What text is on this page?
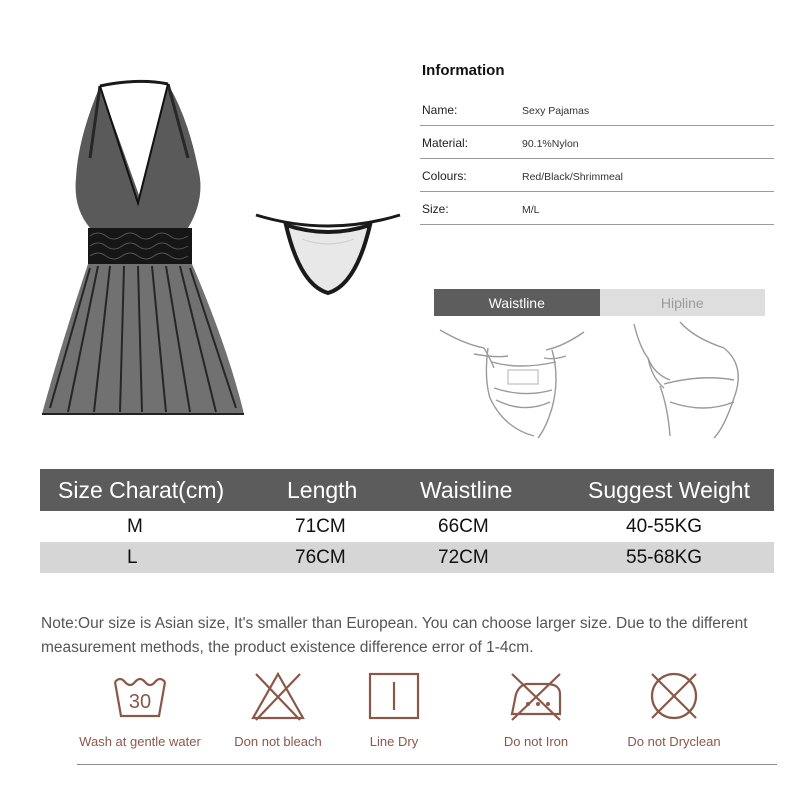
Information
Name:	Sexy Pajamas
Material:	90.1%Nylon
Colours:	Red/Black/Shrimmeal
Size:	M/L
Waistline	Hipline
Size Charat(cm)	Length	Waistline	Suggest Weight
M	71CM	66CM	40-55KG
L	76CM	72CM	55-68KG
Note:Our size is Asian size, It's smaller than European. You can choose larger size. Due to the different measurement methods, the product existence difference error of 1-4cm.
30
Wash at gentle water	Don not bleach	Line Dry	Do not Iron	Do not Dryclean
